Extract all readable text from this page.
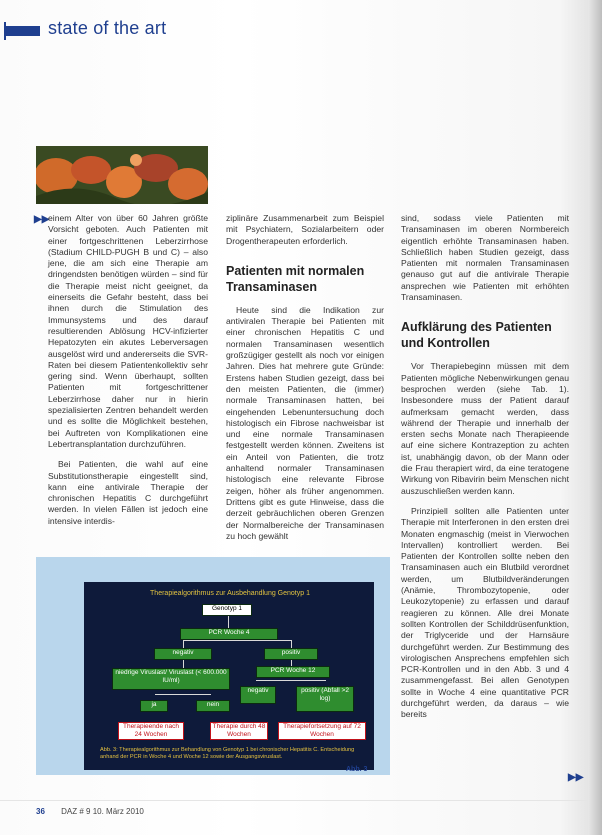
state of the art
▶▶

einem Alter von über 60 Jahren größte Vorsicht geboten. Auch Patienten mit einer fortgeschrittenen Leberzirrhose (Stadium CHILD-PUGH B und C) – also jene, die am sich eine Therapie am dringendsten benötigen würden – sind für die Therapie meist nicht geeignet, da einerseits die Gefahr besteht, dass bei ihnen durch die Stimulation des Immunsystems und des darauf resultierenden Ablösung HCV-infizierter Hepatozyten ein akutes Leberversagen ausgelöst wird und andererseits die SVR-Raten bei diesem Patientenkollektiv sehr gering sind. Wenn überhaupt, sollten Patienten mit fortgeschrittener Leberzirrhose daher nur in hierin spezialisierten Zentren behandelt werden und es sollte die Möglichkeit bestehen, bei Auftreten von Komplikationen eine Lebertransplantation durchzuführen.

Bei Patienten, die wahl auf eine Substitutionstherapie eingestellt sind, kann eine antivirale Therapie der chronischen Hepatitis C durchgeführt werden. In vielen Fällen ist jedoch eine intensive interdis-

ziplinäre Zusammenarbeit zum Beispiel mit Psychiatern, Sozialarbeitern oder Drogentherapeuten erforderlich.

Patienten mit normalen Transaminasen

Heute sind die Indikation zur antiviralen Therapie bei Patienten mit einer chronischen Hepatitis C und normalen Transaminasen wesentlich großzügiger gestellt als noch vor einigen Jahren. Dies hat mehrere gute Gründe: Erstens haben Studien gezeigt, dass bei den meisten Patienten, die (immer) normale Transaminasen hatten, bei eingehenden Lebenuntersuchung doch histologisch ein Fibrose nachweisbar ist und eine normale Transaminasen festgestellt werden können. Zweitens ist ein Anteil von Patienten, die trotz anhaltend normaler Transaminasen histologisch eine relevante Fibrose zeigen, höher als früher angenommen. Drittens gibt es gute Hinweise, dass die derzeit gebräuchlichen oberen Grenzen der Normalbereiche der Transaminasen zu hoch gewählt

sind, sodass viele Patienten mit Transaminasen im oberen Normbereich eigentlich erhöhte Transaminasen haben. Schließlich haben Studien gezeigt, dass Patienten mit normalen Transaminasen genauso gut auf die antivirale Therapie ansprechen wie Patienten mit erhöhten Transaminasen.

Aufklärung des Patienten und Kontrollen

Vor Therapiebeginn müssen mit dem Patienten mögliche Nebenwirkungen genau besprochen werden (siehe Tab. 1). Insbesondere muss der Patient darauf aufmerksam gemacht werden, dass während der Therapie und innerhalb der ersten sechs Monate nach Therapieende auf eine sichere Kontrazeption zu achten ist, unabhängig davon, ob der Mann oder die Frau therapiert wird, da eine teratogene Wirkung von Ribavirin beim Menschen nicht auszuschließen werden kann.

Prinzipiell sollten alle Patienten unter Therapie mit Interferonen in den ersten drei Monaten engmaschig (meist in Vierwochen Intervallen) kontrolliert werden. Bei Patienten der Kontrollen sollte neben den Transaminasen auch ein Blutbild verordnet werden, um Blutbildveränderungen (Anämie, Thrombozytopenie, oder Leukozytopenie) zu erfassen und darauf reagieren zu können. Alle drei Monate sollten Kontrollen der Schilddrüsenfunktion, der Triglyceride und der Harnsäure durchgeführt werden. Zur Bestimmung des virologischen Ansprechens empfehlen sich PCR-Kontrollen und in den Abb. 3 und 4 zusammengefasst. Bei allen Genotypen sollte in Woche 4 eine quantitative PCR durchgeführt werden, da daraus – wie bereits

▶▶
Therapiealgorithmus zur Ausbehandlung Genotyp 1
Genotyp 1
PCR Woche 4
negativ	positiv
niedrige Viruslast/ Viruslast (< 600.000 IU/ml)
PCR Woche 12
ja	nein
negativ	positiv (Abfall >2 log)
Therapieende nach 24 Wochen
Therapie durch 48 Wochen
Therapiefortsetzung auf 72 Wochen
Abb. 3: Therapiealgorithmus zur Behandlung von Genotyp 1 bei chronischer Hepatitis C. Entscheidung anhand der PCR in Woche 4 und Woche 12 sowie der Ausgangsviruslast.
Abb. 3
36 DAZ # 9 10. März 2010
